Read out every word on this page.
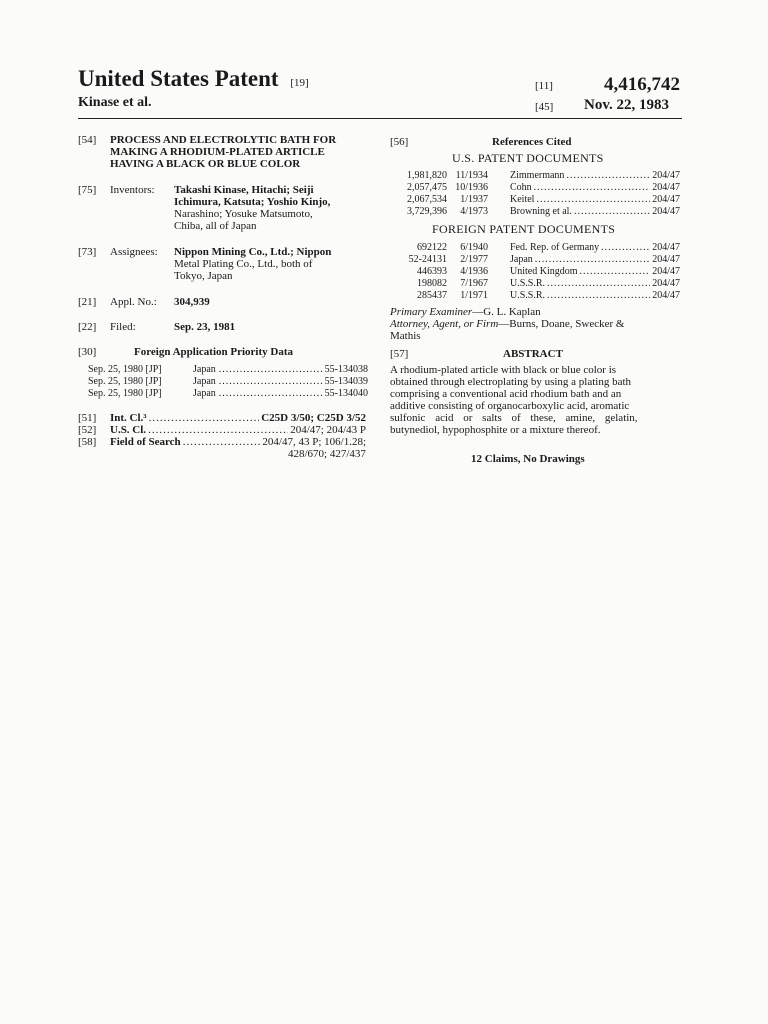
United States Patent [19]
Kinase et al.
[11]	4,416,742
[45] Nov. 22, 1983
[54] PROCESS AND ELECTROLYTIC BATH FOR
MAKING A RHODIUM-PLATED ARTICLE
HAVING A BLACK OR BLUE COLOR
[75] Inventors: Takashi Kinase, Hitachi; Seiji
Ichimura, Katsuta; Yoshio Kinjo,
Narashino; Yosuke Matsumoto,
Chiba, all of Japan
[73] Assignees: Nippon Mining Co., Ltd.; Nippon
Metal Plating Co., Ltd., both of
Tokyo, Japan
[21] Appl. No.: 304,939
[22] Filed:	Sep. 23, 1981
[30]	Foreign Application Priority Data
Sep. 25, 1980 [JP]	Japan .....	55-134038
Sep. 25, 1980 [JP]	Japan .....	55-134039
Sep. 25, 1980 [JP]	Japan .....	55-134040
[51] Int. Cl.³ .....	C25D 3/50; C25D 3/52
[52] U.S. Cl. .....	204/47; 204/43 P
[58] Field of Search .....	204/47, 43 P; 106/1.28;
428/670; 427/437
[56]	References Cited
U.S. PATENT DOCUMENTS
1,981,820 11/1934 Zimmermann .....	204/47
2,057,475 10/1936 Cohn .....	204/47
2,067,534 1/1937 Keitel .....	204/47
3,729,396 4/1973 Browning et al. .....	204/47
FOREIGN PATENT DOCUMENTS
692122 6/1940 Fed. Rep. of Germany .....	204/47
52-24131 2/1977 Japan .....	204/47
446393 4/1936 United Kingdom .....	204/47
198082 7/1967 U.S.S.R. .....	204/47
285437 1/1971 U.S.S.R. .....	204/47
Primary Examiner—G. L. Kaplan
Attorney, Agent, or Firm—Burns, Doane, Swecker &
Mathis
[57]	ABSTRACT
A rhodium-plated article with black or blue color is
obtained through electroplating by using a plating bath
comprising a conventional acid rhodium bath and an
additive consisting of organocarboxylic acid, aromatic
sulfonic acid or salts of these, amine, gelatin,
butynediol, hypophosphite or a mixture thereof.
12 Claims, No Drawings
